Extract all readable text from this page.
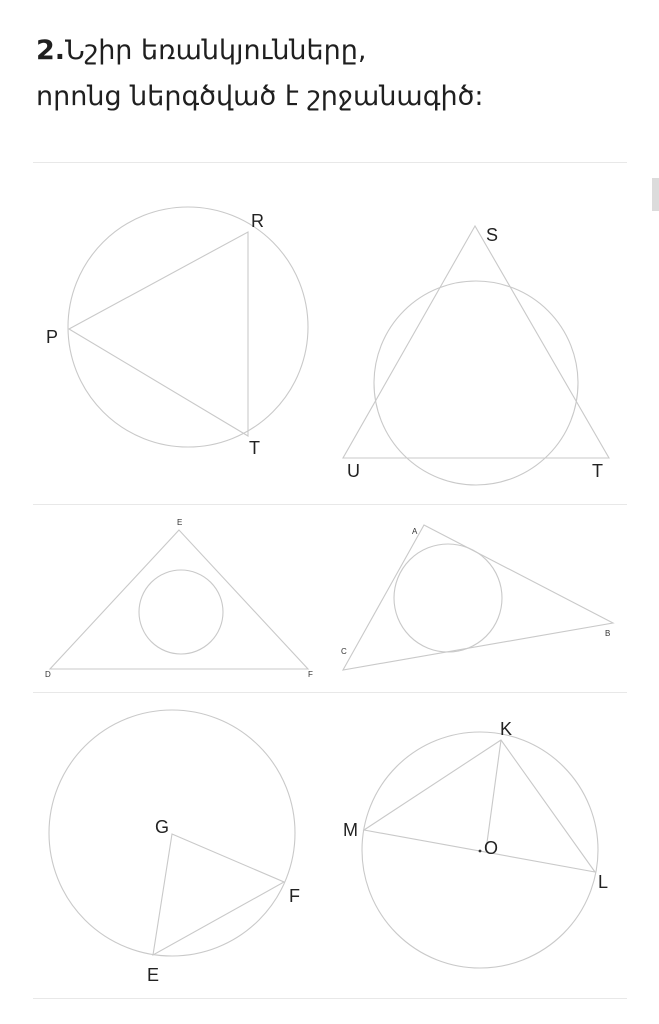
2.Նշիր եռանկյունները,
որոնց ներգծված է շրջանագիծ:
R
P
T
S
U	T
E
D	F
A
B
C
G
F
E
K
M
O
L
